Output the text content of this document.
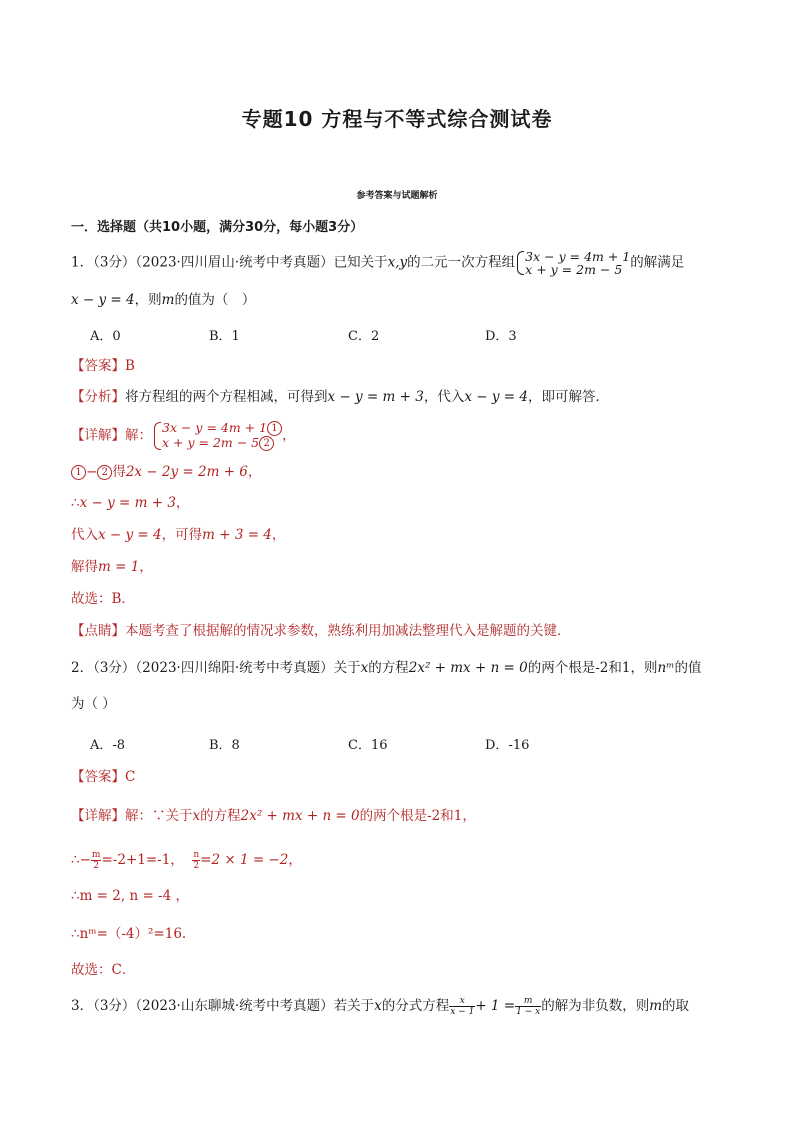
专题10 方程与不等式综合测试卷
参考答案与试题解析
一．选择题（共10小题，满分30分，每小题3分）
1．（3分）（2023·四川眉山·统考中考真题）已知关于x,y的二元一次方程组 3x − y = 4m + 1
x + y = 2m − 5 的解满足
x − y = 4，则m的值为（　）
A．0	B．1	C．2	D．3
【答案】B
【分析】将方程组的两个方程相减，可得到x − y = m + 3，代入x − y = 4，即可解答．
【详解】解： 3x − y = 4m + 1 1
x + y = 2m − 5 2 ，
1 − 2 得2x − 2y = 2m + 6，
∴x − y = m + 3，
代入x − y = 4，可得m + 3 = 4，
解得m = 1，
故选：B．
【点睛】本题考查了根据解的情况求参数，熟练利用加减法整理代入是解题的关键．
2．（3分）（2023·四川绵阳·统考中考真题）关于x的方程2x² + mx + n = 0的两个根是-2和1，则nᵐ的值
为（ ）
A．-8	B．8	C．16	D．-16
【答案】C
【详解】解：∵关于x的方程2x² + mx + n = 0的两个根是-2和1，
∴− $\frac{m}{2} =-2+1=-1$， $\frac{n}{2} =2 \times 1 = -2$，
∴m = 2, n = -4 ，
∴nᵐ=（-4）²=16.
故选：C．
3．（3分）（2023·山东聊城·统考中考真题）若关于x的分式方程 $\frac{x}{x - 1} + 1 = \frac{m}{1 - x}$ 的解为非负数，则m的取
